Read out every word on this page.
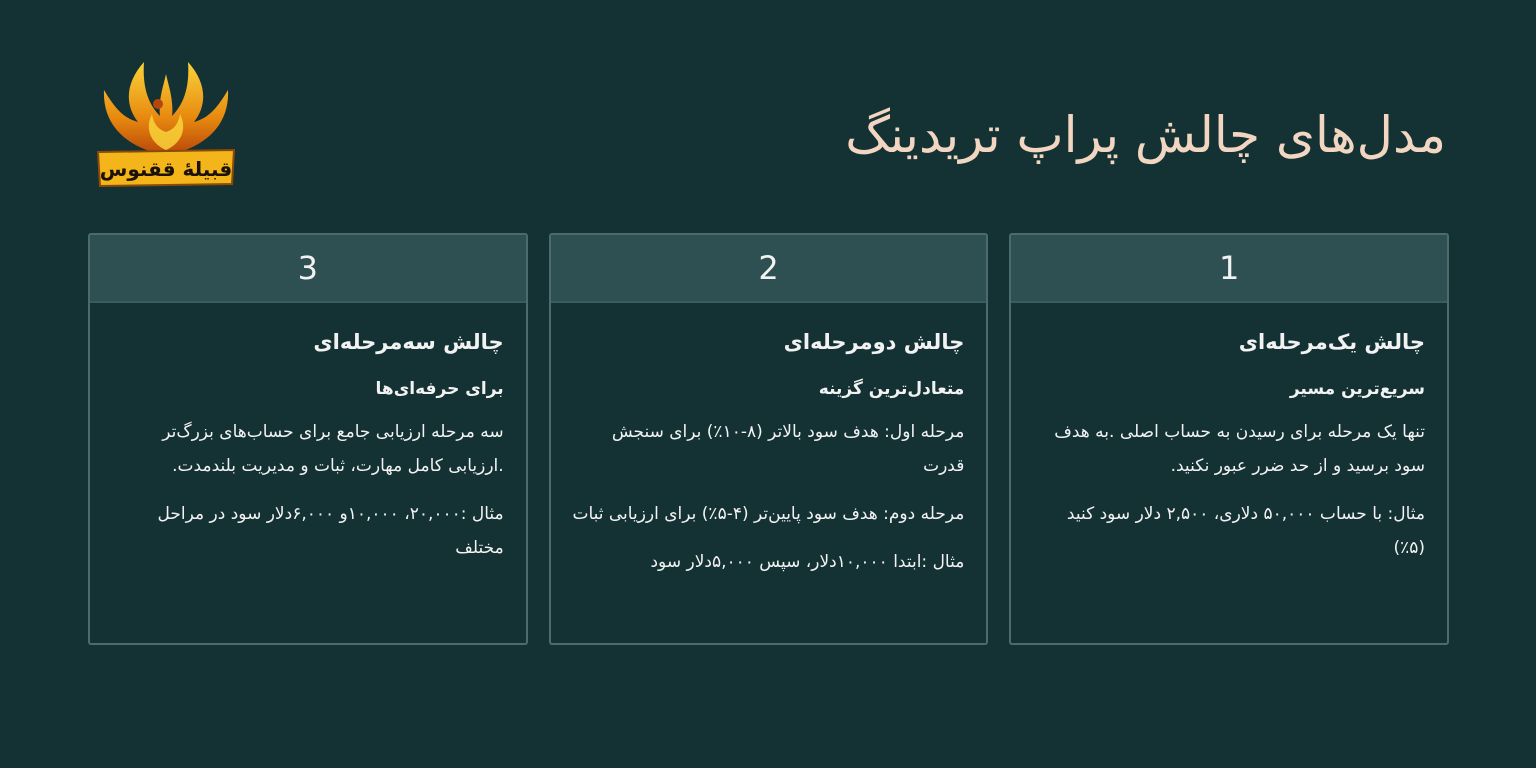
قبیلهٔ ققنوس
مدل‌های چالش پراپ تریدینگ
3
چالش سه‌مرحله‌ای
برای حرفه‌ای‌ها

سه مرحله ارزیابی جامع برای حساب‌های بزرگ‌تر .ارزیابی کامل مهارت، ثبات و مدیریت بلندمدت.

مثال :۲۰,۰۰۰، ۱۰,۰۰۰و ۶,۰۰۰دلار سود در مراحل مختلف

2
چالش دومرحله‌ای
متعادل‌ترین گزینه

مرحله اول: هدف سود بالاتر (۸-۱۰٪) برای سنجش قدرت

مرحله دوم: هدف سود پایین‌تر (۴-۵٪) برای ارزیابی ثبات

مثال :ابتدا ۱۰,۰۰۰دلار، سپس ۵,۰۰۰دلار سود

1
چالش یک‌مرحله‌ای
سریع‌ترین مسیر

تنها یک مرحله برای رسیدن به حساب اصلی .به هدف سود برسید و از حد ضرر عبور نکنید.

مثال: با حساب ۵۰,۰۰۰ دلاری، ۲,۵۰۰ دلار سود کنید (۵٪)
